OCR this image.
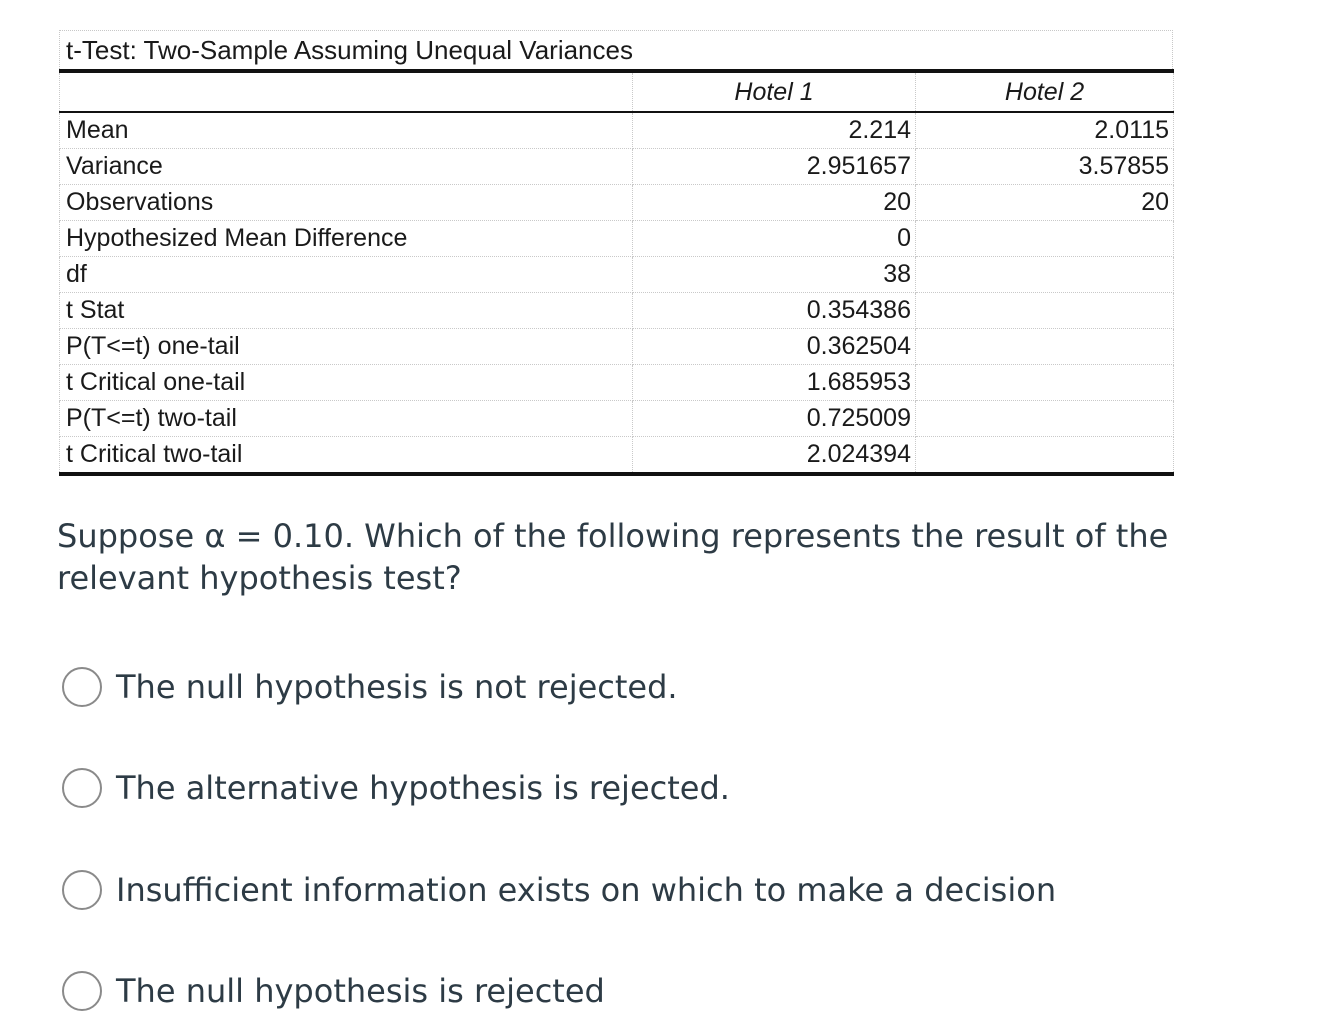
t-Test: Two-Sample Assuming Unequal Variances
	Hotel 1	Hotel 2
Mean	2.214	2.0115
Variance	2.951657	3.57855
Observations	20	20
Hypothesized Mean Difference	0	
df	38	
t Stat	0.354386	
P(T<=t) one-tail	0.362504	
t Critical one-tail	1.685953	
P(T<=t) two-tail	0.725009	
t Critical two-tail	2.024394	
Suppose α = 0.10. Which of the following represents the result of the relevant hypothesis test?
The null hypothesis is not rejected.
The alternative hypothesis is rejected.
Insufficient information exists on which to make a decision
The null hypothesis is rejected
